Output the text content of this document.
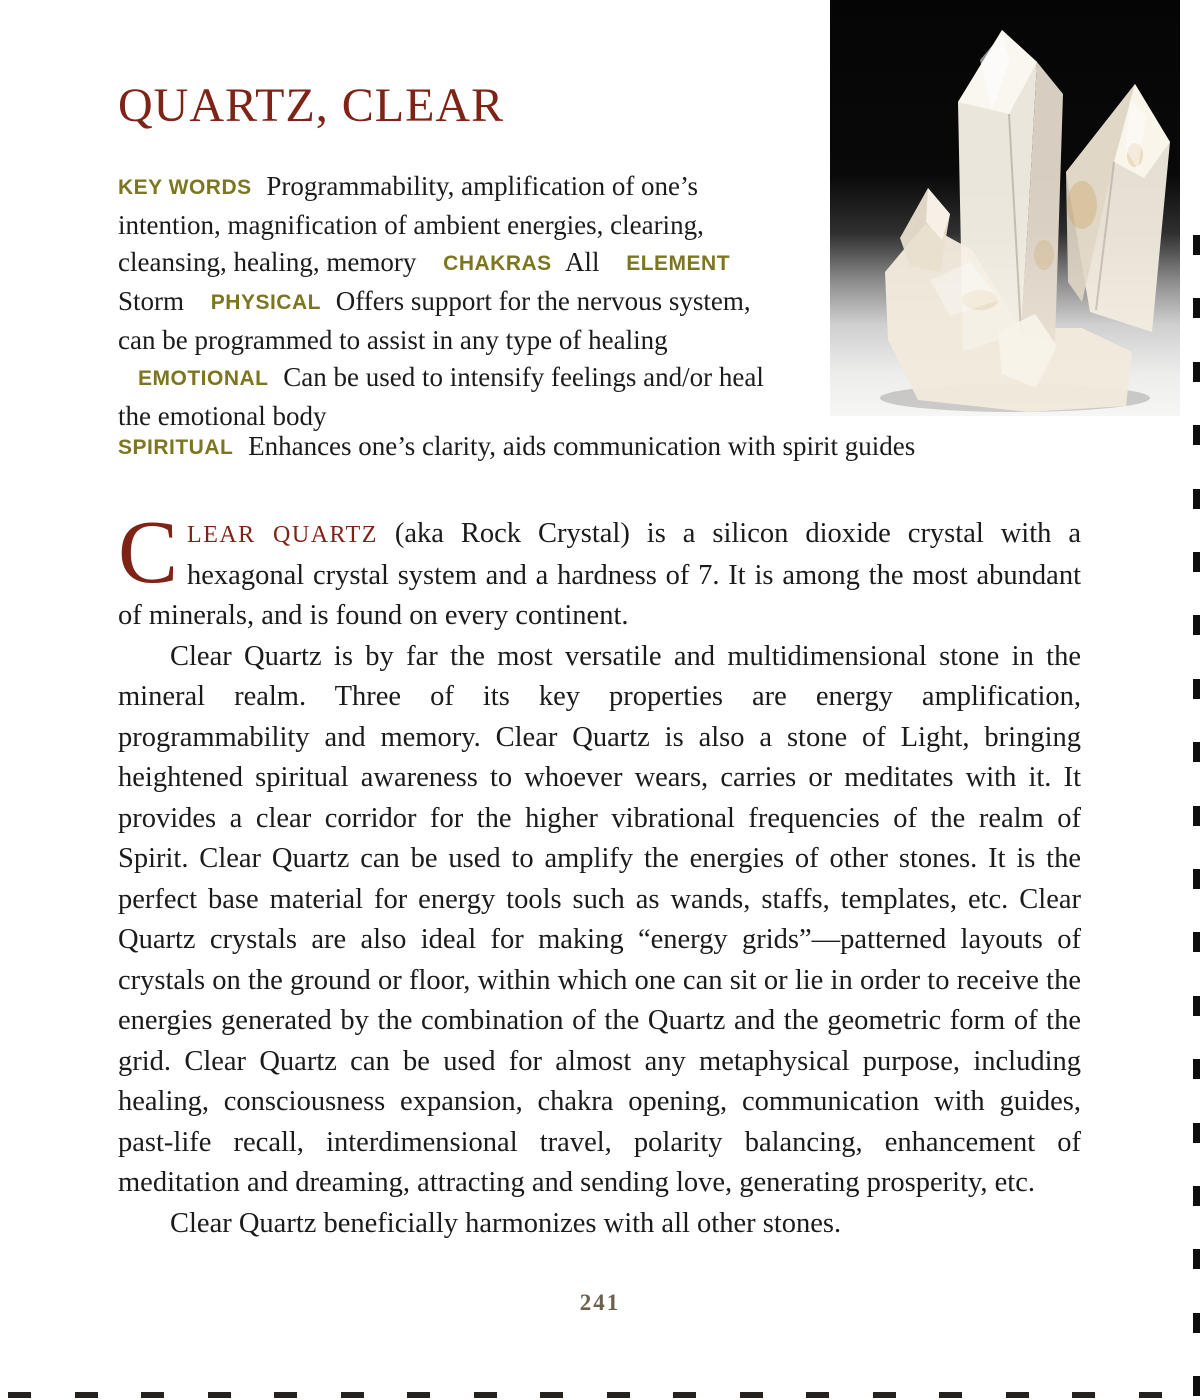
QUARTZ, CLEAR

KEY WORDS Programmability, amplification of one’s intention, magnification of ambient energies, clearing, cleansing, healing, memory CHAKRAS All ELEMENT Storm PHYSICAL Offers support for the nervous system, can be programmed to assist in any type of healing EMOTIONAL Can be used to intensify feelings and/or heal the emotional body

SPIRITUAL Enhances one’s clarity, aids communication with spirit guides

C LEAR QUARTZ (aka Rock Crystal) is a silicon dioxide crystal with a hexagonal crystal system and a hardness of 7. It is among the most abundant of minerals, and is found on every continent.

Clear Quartz is by far the most versatile and multidimensional stone in the mineral realm. Three of its key properties are energy amplification, programmability and memory. Clear Quartz is also a stone of Light, bringing heightened spiritual awareness to whoever wears, carries or meditates with it. It provides a clear corridor for the higher vibrational frequencies of the realm of Spirit. Clear Quartz can be used to amplify the energies of other stones. It is the perfect base material for energy tools such as wands, staffs, templates, etc. Clear Quartz crystals are also ideal for making “energy grids”—patterned layouts of crystals on the ground or floor, within which one can sit or lie in order to receive the energies generated by the combination of the Quartz and the geometric form of the grid. Clear Quartz can be used for almost any metaphysical purpose, including healing, consciousness expansion, chakra opening, communication with guides, past-life recall, interdimensional travel, polarity balancing, enhancement of meditation and dreaming, attracting and sending love, generating prosperity, etc.

Clear Quartz beneficially harmonizes with all other stones.

241
